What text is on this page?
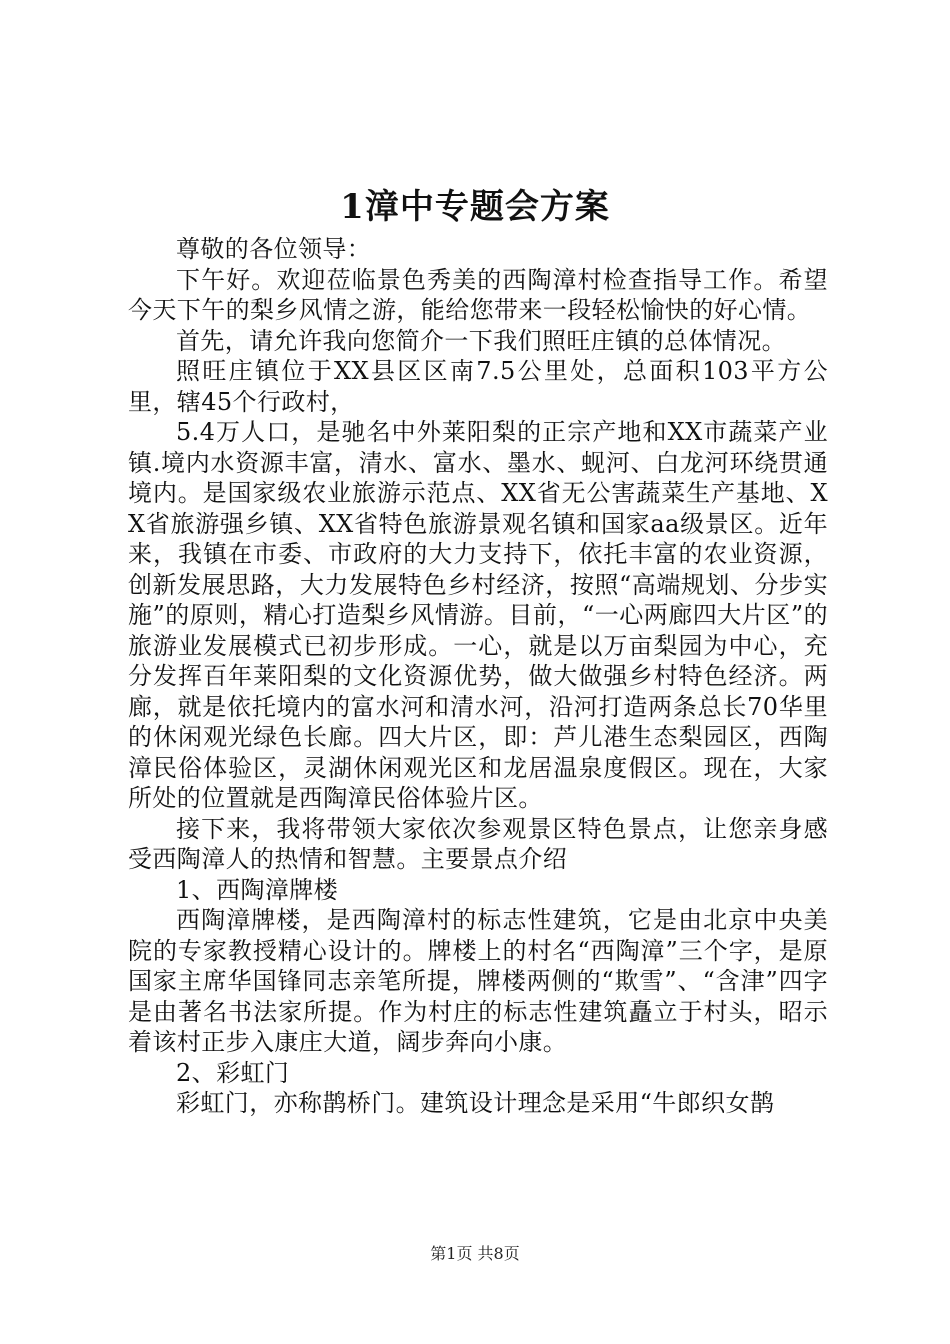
1漳中专题会方案

尊敬的各位领导：

下午好。欢迎莅临景色秀美的西陶漳村检查指导工作。希望今天下午的梨乡风情之游，能给您带来一段轻松愉快的好心情。

首先，请允许我向您简介一下我们照旺庄镇的总体情况。

照旺庄镇位于XX县区区南7.5公里处，总面积103平方公里，辖45个行政村，

5.4万人口，是驰名中外莱阳梨的正宗产地和XX市蔬菜产业镇.境内水资源丰富，清水、富水、墨水、蚬河、白龙河环绕贯通境内。是国家级农业旅游示范点、XX省无公害蔬菜生产基地、XX省旅游强乡镇、XX省特色旅游景观名镇和国家aa级景区。近年来，我镇在市委、市政府的大力支持下，依托丰富的农业资源，创新发展思路，大力发展特色乡村经济，按照“高端规划、分步实施”的原则，精心打造梨乡风情游。目前，“一心两廊四大片区”的旅游业发展模式已初步形成。一心，就是以万亩梨园为中心，充分发挥百年莱阳梨的文化资源优势，做大做强乡村特色经济。两廊，就是依托境内的富水河和清水河，沿河打造两条总长70华里的休闲观光绿色长廊。四大片区，即：芦儿港生态梨园区，西陶漳民俗体验区，灵湖休闲观光区和龙居温泉度假区。现在，大家所处的位置就是西陶漳民俗体验片区。

接下来，我将带领大家依次参观景区特色景点，让您亲身感受西陶漳人的热情和智慧。主要景点介绍

1、西陶漳牌楼

西陶漳牌楼，是西陶漳村的标志性建筑，它是由北京中央美院的专家教授精心设计的。牌楼上的村名“西陶漳”三个字，是原国家主席华国锋同志亲笔所提，牌楼两侧的“欺雪”、“含津”四字是由著名书法家所提。作为村庄的标志性建筑矗立于村头，昭示着该村正步入康庄大道，阔步奔向小康。

2、彩虹门

彩虹门，亦称鹊桥门。建筑设计理念是采用“牛郎织女鹊

第1页 共8页
